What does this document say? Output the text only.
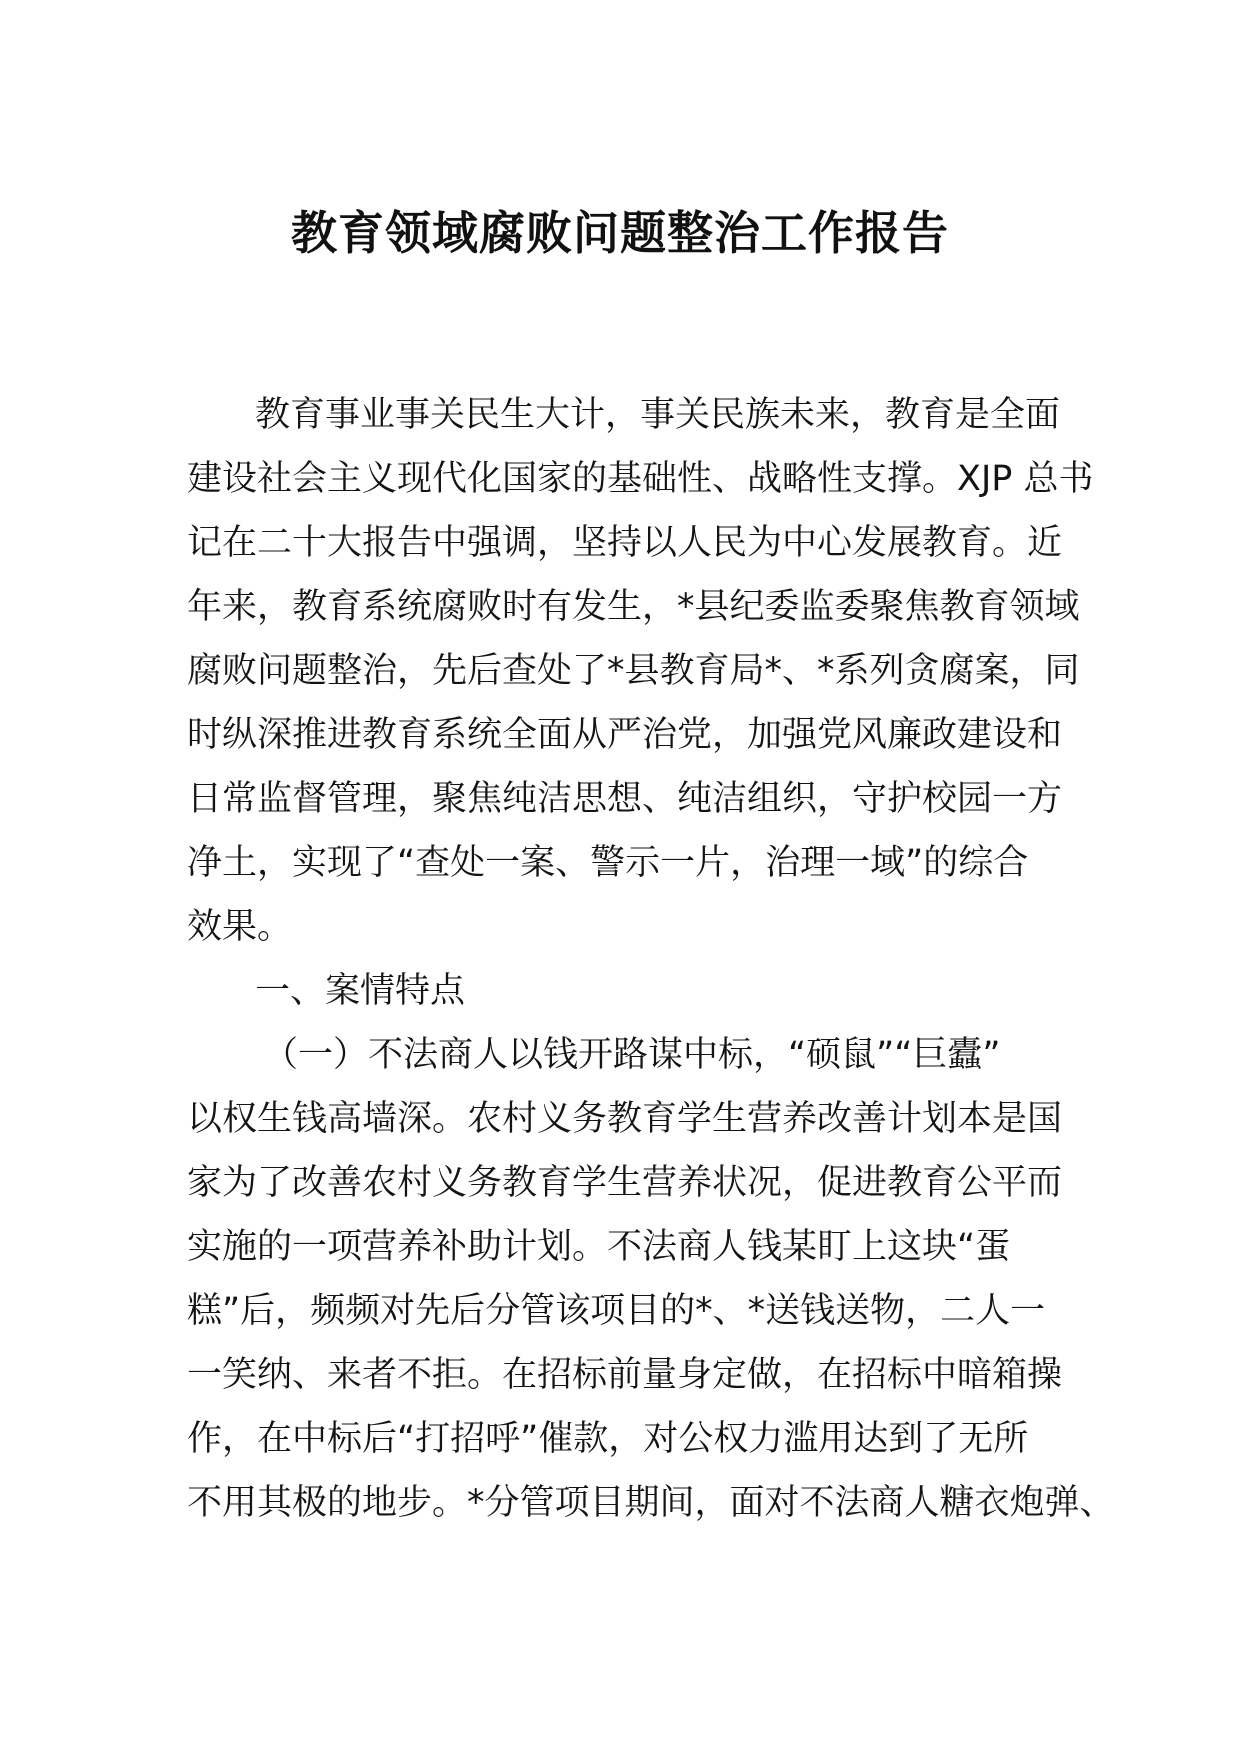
教育领域腐败问题整治工作报告
教育事业事关民生大计，事关民族未来，教育是全面
建设社会主义现代化国家的基础性、战略性支撑。XJP 总书
记在二十大报告中强调，坚持以人民为中心发展教育。近
年来，教育系统腐败时有发生，*县纪委监委聚焦教育领域
腐败问题整治，先后查处了*县教育局*、*系列贪腐案，同
时纵深推进教育系统全面从严治党，加强党风廉政建设和
日常监督管理，聚焦纯洁思想、纯洁组织，守护校园一方
净土，实现了“查处一案、警示一片，治理一域”的综合
效果。
一、案情特点
（一）不法商人以钱开路谋中标，“硕鼠”“巨蠹”
以权生钱高墙深。农村义务教育学生营养改善计划本是国
家为了改善农村义务教育学生营养状况，促进教育公平而
实施的一项营养补助计划。不法商人钱某盯上这块“蛋
糕”后，频频对先后分管该项目的*、*送钱送物，二人一
一笑纳、来者不拒。在招标前量身定做，在招标中暗箱操
作，在中标后“打招呼”催款，对公权力滥用达到了无所
不用其极的地步。*分管项目期间，面对不法商人糖衣炮弹、
